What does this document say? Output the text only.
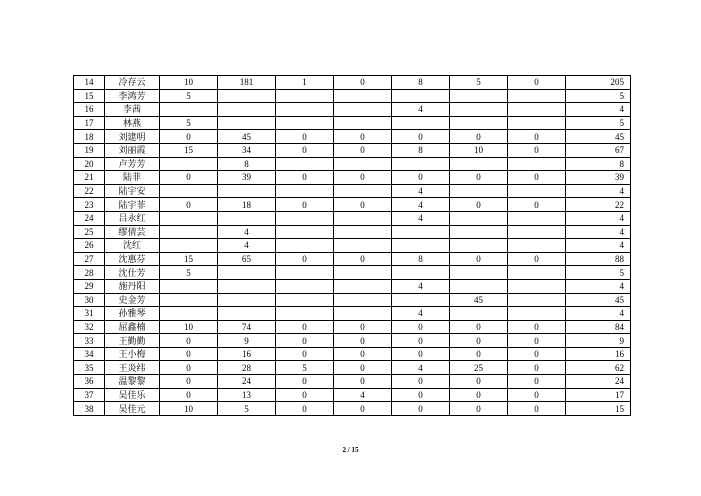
14	冷存云	10	181	1	0	8	5	0	205
15	李鸿芳	5							5
16	李茜					4			4
17	林燕	5							5
18	刘建明	0	45	0	0	0	0	0	45
19	刘丽霞	15	34	0	0	8	10	0	67
20	卢芳芳		8						8
21	陆菲	0	39	0	0	0	0	0	39
22	陆宇安					4			4
23	陆宇菲	0	18	0	0	4	0	0	22
24	吕永红					4			4
25	缪倩芸		4						4
26	沈红		4						4
27	沈惠芬	15	65	0	0	8	0	0	88
28	沈仕芳	5							5
29	施丹阳					4			4
30	史金芳						45		45
31	孙雅琴					4			4
32	屈鑫楠	10	74	0	0	0	0	0	84
33	王勤勤	0	9	0	0	0	0	0	9
34	王小梅	0	16	0	0	0	0	0	16
35	王炎纬	0	28	5	0	4	25	0	62
36	温黎黎	0	24	0	0	0	0	0	24
37	吴佳乐	0	13	0	4	0	0	0	17
38	吴佳元	10	5	0	0	0	0	0	15
2 / 15
